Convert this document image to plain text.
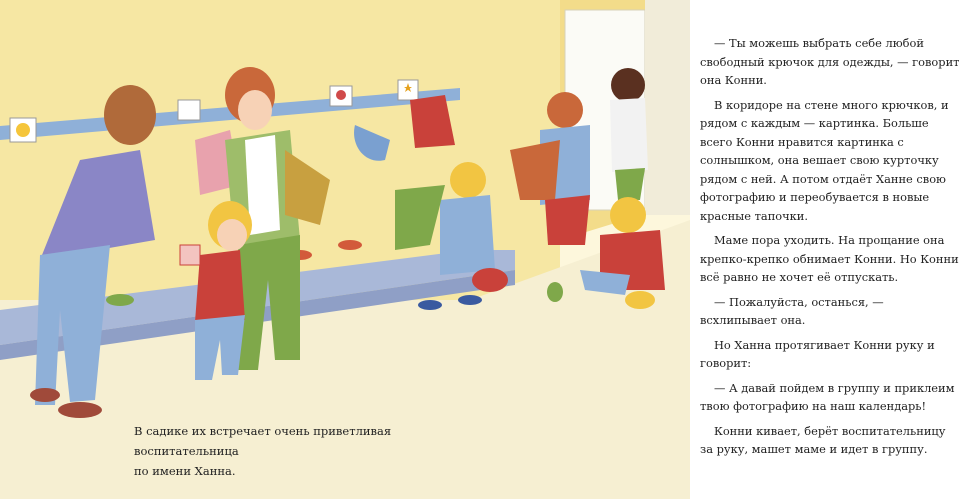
В садике их встречает очень приветливая воспитательница
по имени Ханна.

— Ты можешь выбрать себе любой свободный крючок для одежды, — говорит она Конни.

В коридоре на стене много крючков, и рядом с каждым — картинка. Больше всего Конни нравится картинка с солнышком, она вешает свою курточку рядом с ней. А потом отдаёт Ханне свою фотографию и переобувается в новые красные тапочки.

Маме пора уходить. На прощание она крепко-крепко обнимает Конни. Но Конни всё равно не хочет её отпускать.

— Пожалуйста, останься, — всхлипывает она.

Но Ханна протягивает Конни руку и говорит:

— А давай пойдем в группу и приклеим твою фотографию на наш календарь!

Конни кивает, берёт воспитательницу за руку, машет маме и идет в группу.
